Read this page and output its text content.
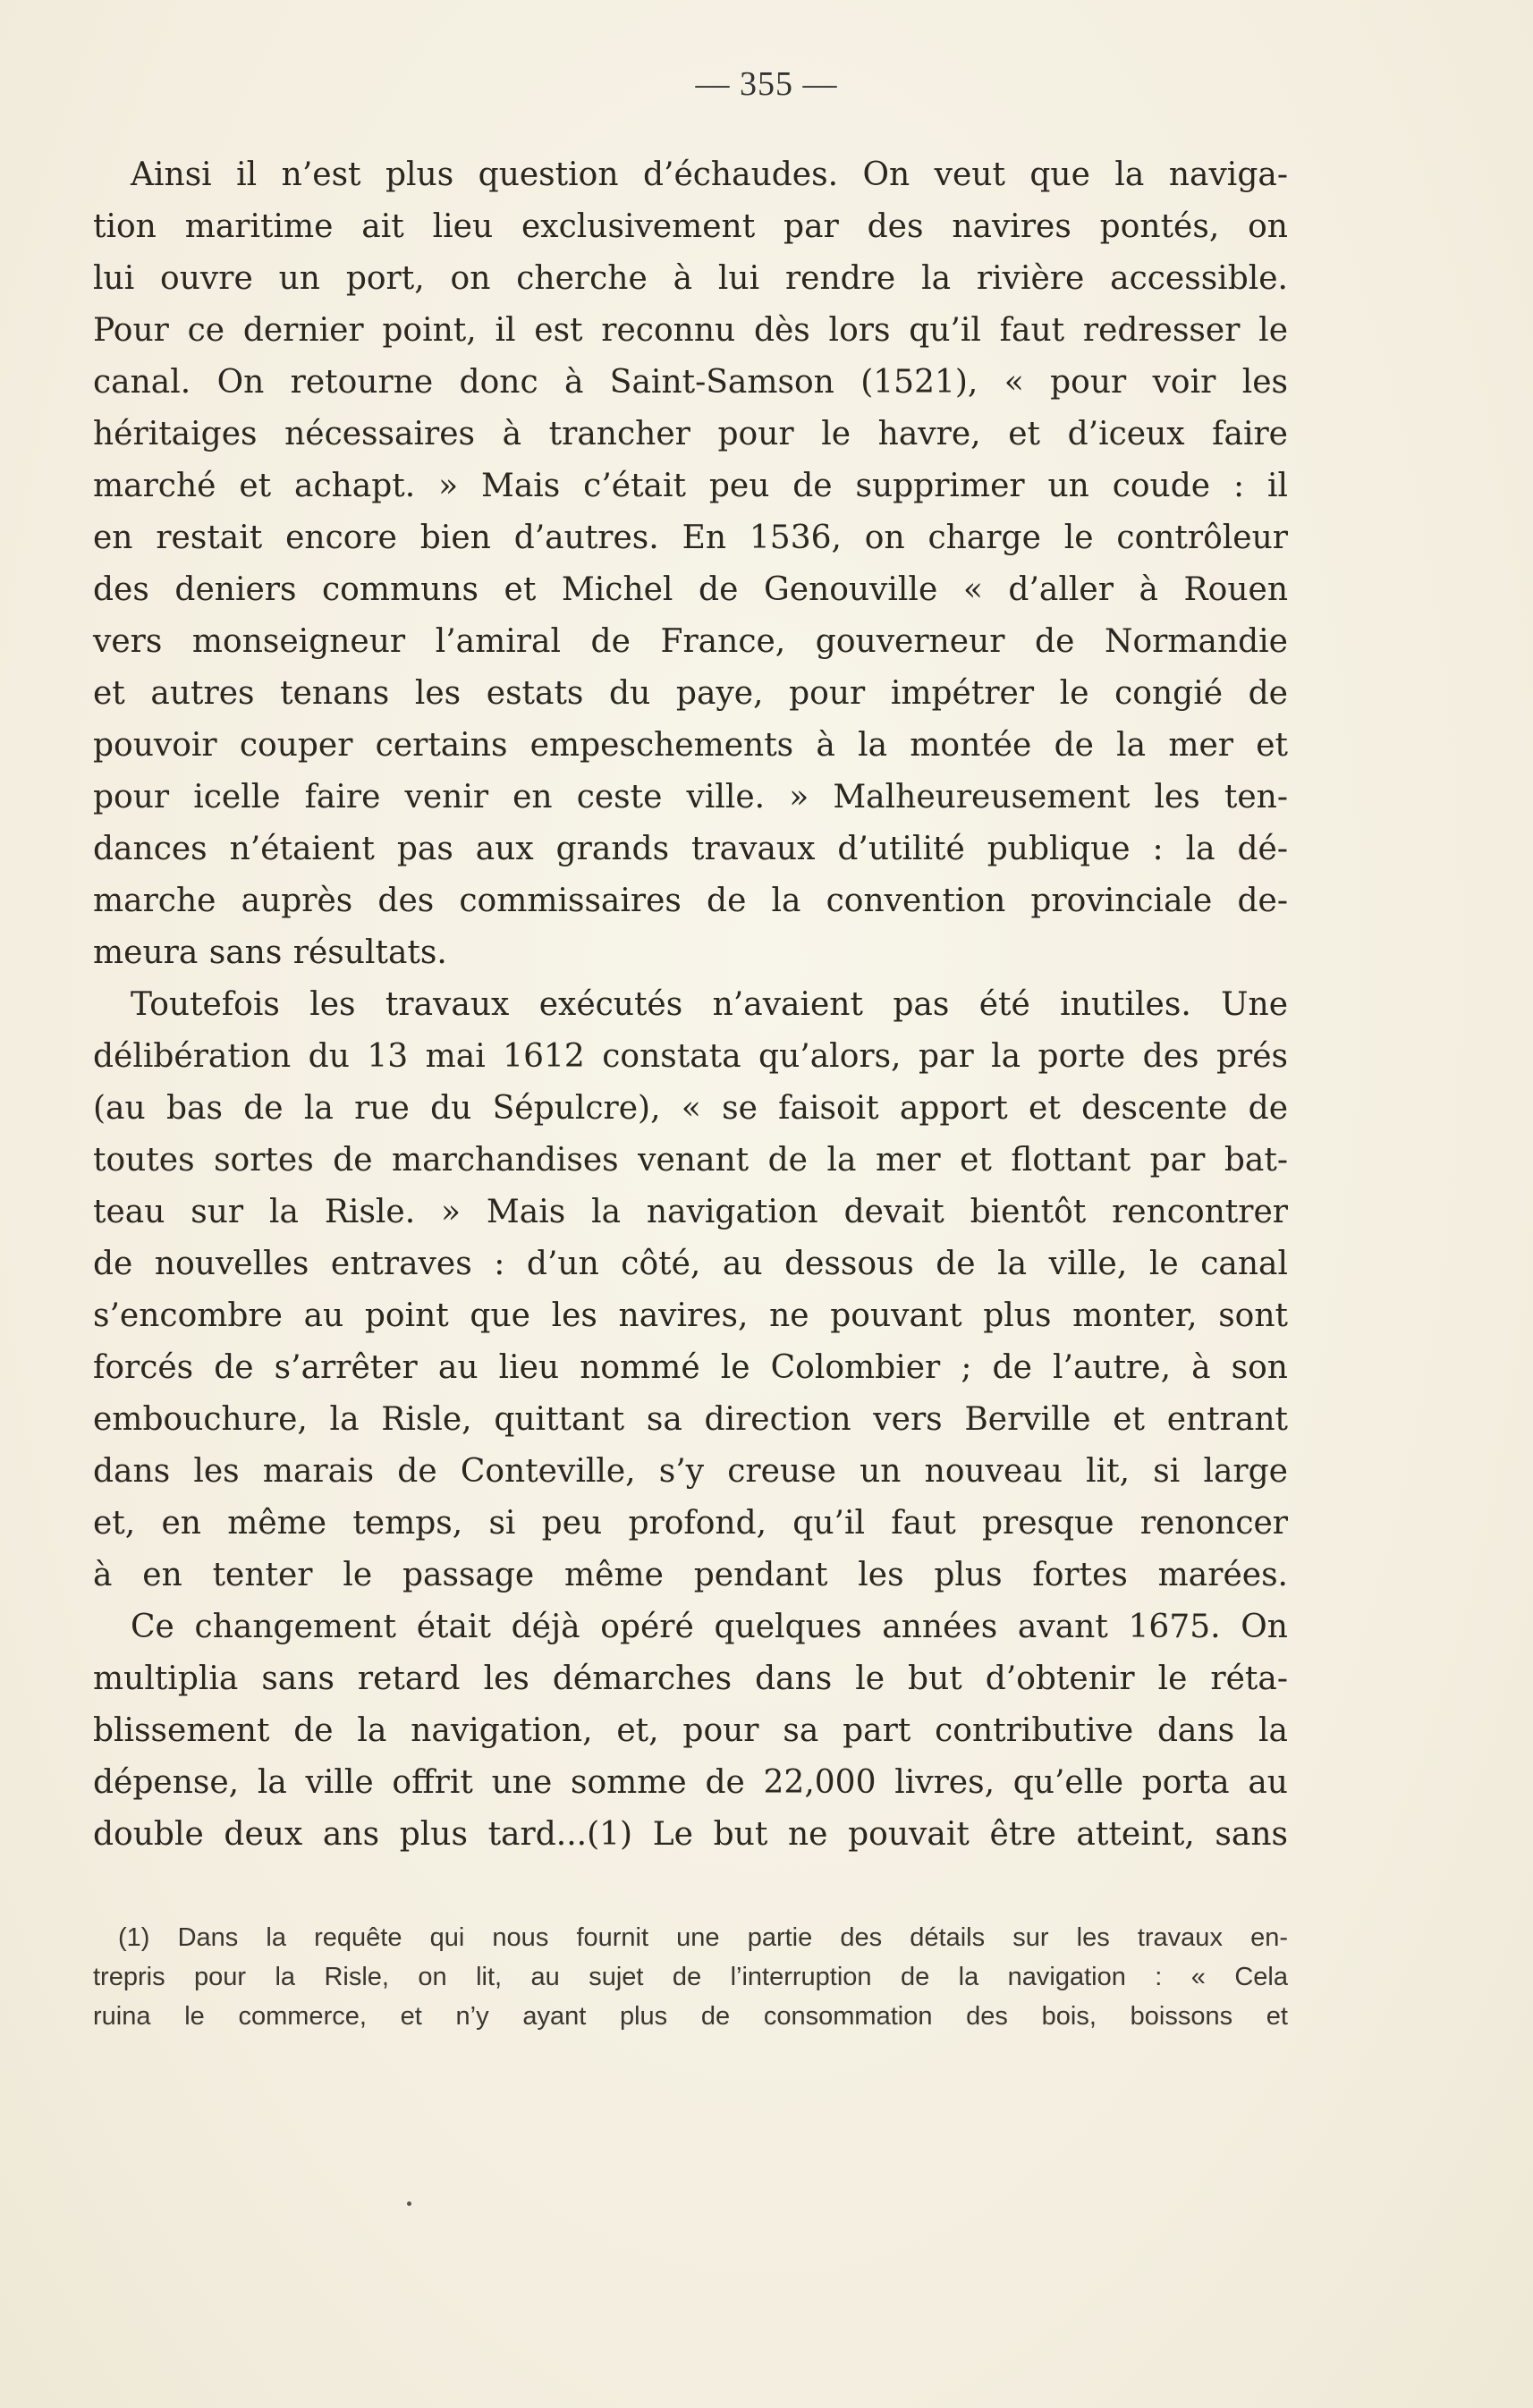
— 355 —
Ainsi il n’est plus question d’échaudes. On veut que la naviga-
tion maritime ait lieu exclusivement par des navires pontés, on
lui ouvre un port, on cherche à lui rendre la rivière accessible.
Pour ce dernier point, il est reconnu dès lors qu’il faut redresser le
canal. On retourne donc à Saint-Samson (1521), « pour voir les
héritaiges nécessaires à trancher pour le havre, et d’iceux faire
marché et achapt. » Mais c’était peu de supprimer un coude : il
en restait encore bien d’autres. En 1536, on charge le contrôleur
des deniers communs et Michel de Genouville « d’aller à Rouen
vers monseigneur l’amiral de France, gouverneur de Normandie
et autres tenans les estats du paye, pour impétrer le congié de
pouvoir couper certains empeschements à la montée de la mer et
pour icelle faire venir en ceste ville. » Malheureusement les ten-
dances n’étaient pas aux grands travaux d’utilité publique : la dé-
marche auprès des commissaires de la convention provinciale de-
meura sans résultats.
Toutefois les travaux exécutés n’avaient pas été inutiles. Une
délibération du 13 mai 1612 constata qu’alors, par la porte des prés
(au bas de la rue du Sépulcre), « se faisoit apport et descente de
toutes sortes de marchandises venant de la mer et flottant par bat-
teau sur la Risle. » Mais la navigation devait bientôt rencontrer
de nouvelles entraves : d’un côté, au dessous de la ville, le canal
s’encombre au point que les navires, ne pouvant plus monter, sont
forcés de s’arrêter au lieu nommé le Colombier ; de l’autre, à son
embouchure, la Risle, quittant sa direction vers Berville et entrant
dans les marais de Conteville, s’y creuse un nouveau lit, si large
et, en même temps, si peu profond, qu’il faut presque renoncer
à en tenter le passage même pendant les plus fortes marées.
Ce changement était déjà opéré quelques années avant 1675. On
multiplia sans retard les démarches dans le but d’obtenir le réta-
blissement de la navigation, et, pour sa part contributive dans la
dépense, la ville offrit une somme de 22,000 livres, qu’elle porta au
double deux ans plus tard...(1) Le but ne pouvait être atteint, sans
(1) Dans la requête qui nous fournit une partie des détails sur les travaux en-
trepris pour la Risle, on lit, au sujet de l’interruption de la navigation : « Cela
ruina le commerce, et n’y ayant plus de consommation des bois, boissons et
